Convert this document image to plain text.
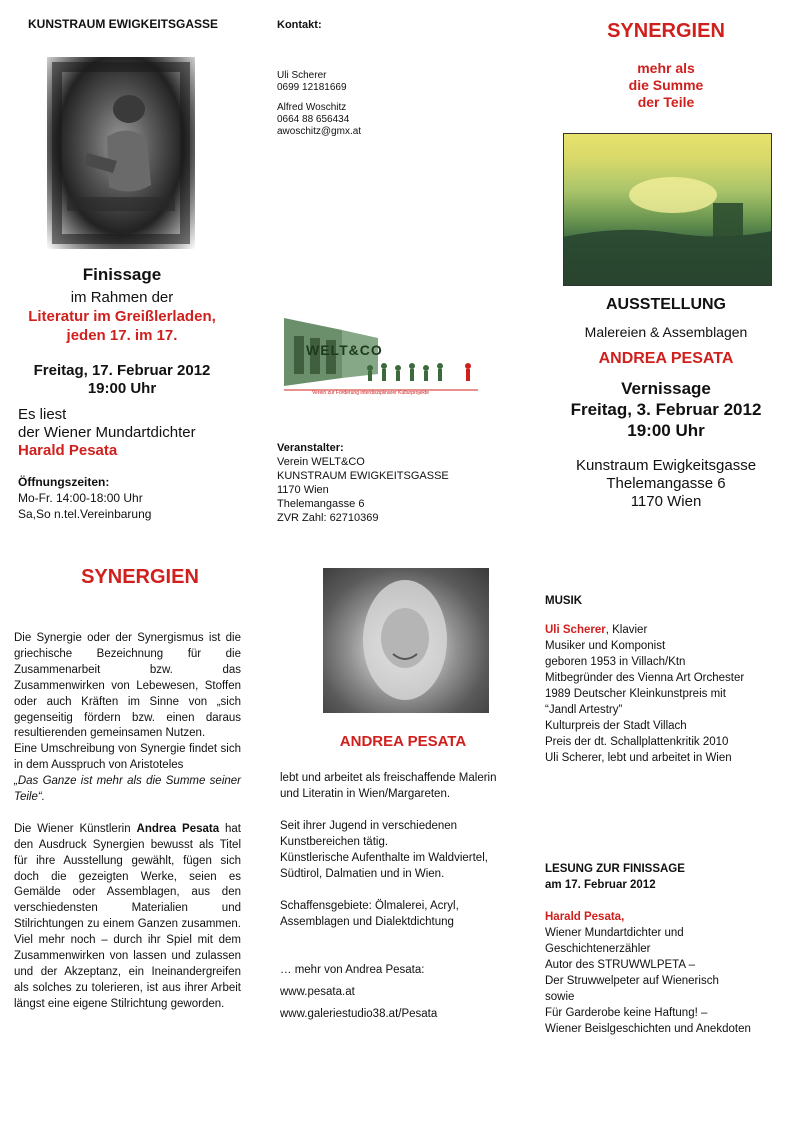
KUNSTRAUM EWIGKEITSGASSE
Finissage
im Rahmen der
Literatur im Greißlerladen,
jeden 17. im 17.
Freitag, 17. Februar 2012
19:00 Uhr
Es liest
der Wiener Mundartdichter
Harald Pesata
Öffnungszeiten:
Mo-Fr. 14:00-18:00 Uhr
Sa,So n.tel.Vereinbarung
Kontakt:
Uli Scherer
0699 12181669
Alfred Woschitz
0664 88 656434
awoschitz@gmx.at
WELT&CO
Verein zur Förderung interdisziplinärer Kulturprojekte
Veranstalter:
Verein WELT&CO
KUNSTRAUM EWIGKEITSGASSE
1170 Wien
Thelemangasse 6
ZVR Zahl: 62710369
SYNERGIEN
mehr als
die Summe
der Teile
AUSSTELLUNG
Malereien & Assemblagen
ANDREA PESATA
Vernissage
Freitag, 3. Februar 2012
19:00 Uhr
Kunstraum Ewigkeitsgasse
Thelemangasse 6
1170 Wien
SYNERGIEN

Die Synergie oder der Synergismus ist die griechische Bezeichnung für die Zusammenarbeit bzw. das Zusammenwirken von Lebewesen, Stoffen oder auch Kräften im Sinne von „sich gegenseitig fördern bzw. einen daraus resultierenden gemeinsamen Nutzen.

Eine Umschreibung von Synergie findet sich in dem Ausspruch von Aristoteles

„Das Ganze ist mehr als die Summe seiner Teile“.

Die Wiener Künstlerin Andrea Pesata hat den Ausdruck Synergien bewusst als Titel für ihre Ausstellung gewählt, fügen sich doch die gezeigten Werke, seien es Gemälde oder Assemblagen, aus den verschiedensten Materialien und Stilrichtungen zu einem Ganzen zusammen. Viel mehr noch – durch ihr Spiel mit dem Zusammenwirken von lassen und zulassen und der Akzeptanz, ein Ineinandergreifen als solches zu tolerieren, ist aus ihrer Arbeit längst eine eigene Stilrichtung geworden.

ANDREA PESATA
lebt und arbeitet als freischaffende Malerin
und Literatin in Wien/Margareten.
Seit ihrer Jugend in verschiedenen
Kunstbereichen tätig.
Künstlerische Aufenthalte im Waldviertel,
Südtirol, Dalmatien und in Wien.
Schaffensgebiete: Ölmalerei, Acryl,
Assemblagen und Dialektdichtung
… mehr von Andrea Pesata:
www.pesata.at
www.galeriestudio38.at/Pesata
MUSIK
Uli Scherer, Klavier
Musiker und Komponist
geboren 1953 in Villach/Ktn
Mitbegründer des Vienna Art Orchester
1989 Deutscher Kleinkunstpreis mit
“Jandl Artestry”
Kulturpreis der Stadt Villach
Preis der dt. Schallplattenkritik 2010
Uli Scherer, lebt und arbeitet in Wien
LESUNG ZUR FINISSAGE
am 17. Februar 2012
Harald Pesata,
Wiener Mundartdichter und
Geschichtenerzähler
Autor des STRUWWLPETA –
Der Struwwelpeter auf Wienerisch
sowie
Für Garderobe keine Haftung! –
Wiener Beislgeschichten und Anekdoten
